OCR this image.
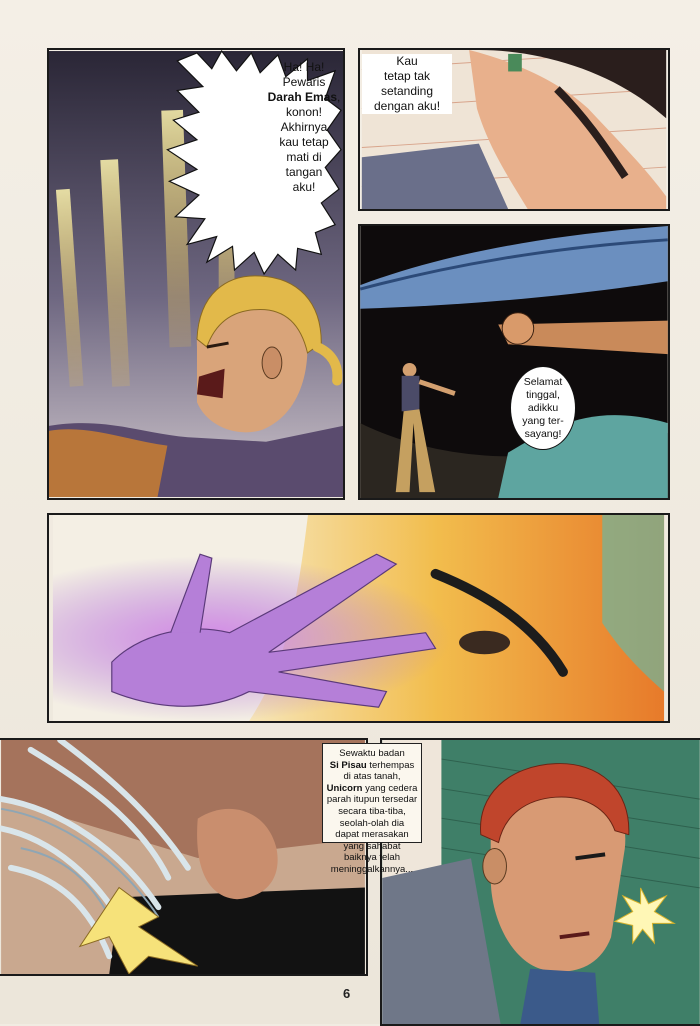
Ha! Ha!
Pewaris
Darah Emas,
konon!
Akhirnya
kau tetap
mati di
tangan
aku!
Kau
tetap tak
setanding
dengan aku!
Selamat
tinggal,
adikku
yang ter-
sayang!
Sewaktu badan
Si Pisau terhempas
di atas tanah,
Unicorn yang cedera
parah itupun tersedar
secara tiba-tiba,
seolah-olah dia
dapat merasakan
yang sahabat
baiknya telah
meninggalkannya...
6
